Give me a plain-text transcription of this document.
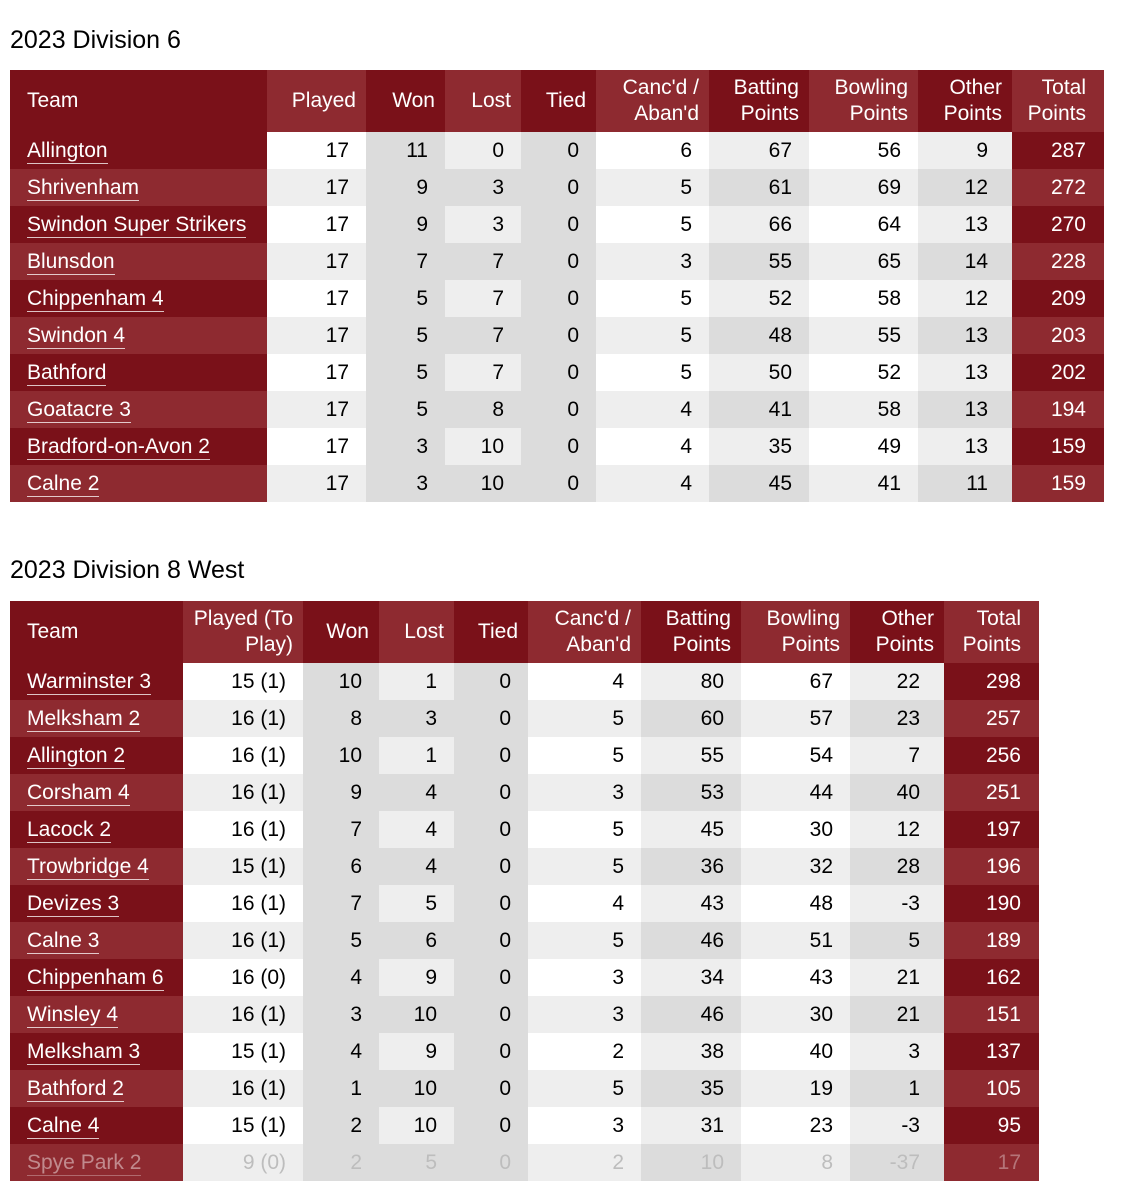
2023 Division 6
Team	Played	Won	Lost	Tied	Canc'd / Aban'd	Batting Points	Bowling Points	Other Points	Total Points
Allington	17	11	0	0	6	67	56	9	287
Shrivenham	17	9	3	0	5	61	69	12	272
Swindon Super Strikers	17	9	3	0	5	66	64	13	270
Blunsdon	17	7	7	0	3	55	65	14	228
Chippenham 4	17	5	7	0	5	52	58	12	209
Swindon 4	17	5	7	0	5	48	55	13	203
Bathford	17	5	7	0	5	50	52	13	202
Goatacre 3	17	5	8	0	4	41	58	13	194
Bradford-on-Avon 2	17	3	10	0	4	35	49	13	159
Calne 2	17	3	10	0	4	45	41	11	159
2023 Division 8 West
Team	Played (To Play)	Won	Lost	Tied	Canc'd / Aban'd	Batting Points	Bowling Points	Other Points	Total Points
Warminster 3	15 (1)	10	1	0	4	80	67	22	298
Melksham 2	16 (1)	8	3	0	5	60	57	23	257
Allington 2	16 (1)	10	1	0	5	55	54	7	256
Corsham 4	16 (1)	9	4	0	3	53	44	40	251
Lacock 2	16 (1)	7	4	0	5	45	30	12	197
Trowbridge 4	15 (1)	6	4	0	5	36	32	28	196
Devizes 3	16 (1)	7	5	0	4	43	48	-3	190
Calne 3	16 (1)	5	6	0	5	46	51	5	189
Chippenham 6	16 (0)	4	9	0	3	34	43	21	162
Winsley 4	16 (1)	3	10	0	3	46	30	21	151
Melksham 3	15 (1)	4	9	0	2	38	40	3	137
Bathford 2	16 (1)	1	10	0	5	35	19	1	105
Calne 4	15 (1)	2	10	0	3	31	23	-3	95
Spye Park 2	9 (0)	2	5	0	2	10	8	-37	17
